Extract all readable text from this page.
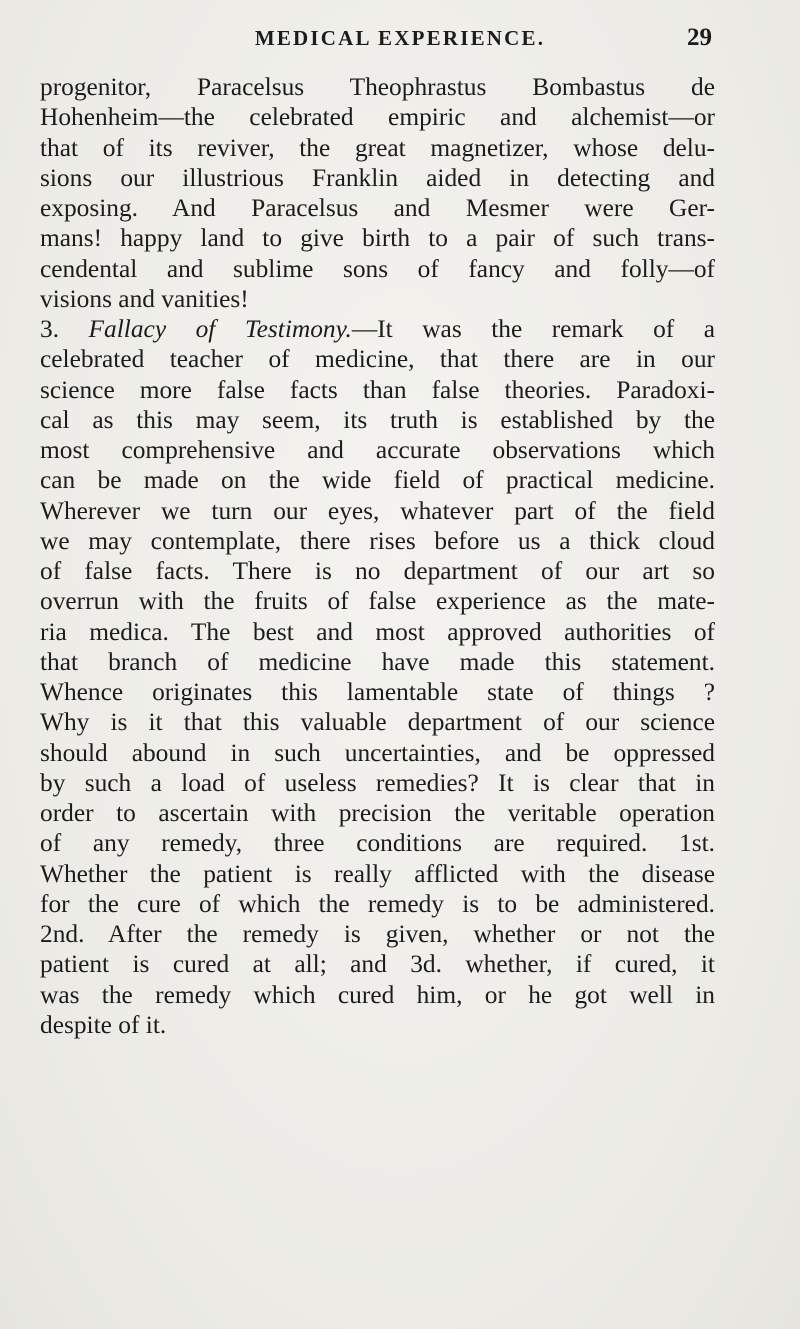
MEDICAL EXPERIENCE.	29
progenitor, Paracelsus Theophrastus Bombastus de
Hohenheim—the celebrated empiric and alchemist—or
that of its reviver, the great magnetizer, whose delu-
sions our illustrious Franklin aided in detecting and
exposing. And Paracelsus and Mesmer were Ger-
mans! happy land to give birth to a pair of such trans-
cendental and sublime sons of fancy and folly—of
visions and vanities!
3. Fallacy of Testimony.—It was the remark of a
celebrated teacher of medicine, that there are in our
science more false facts than false theories. Paradoxi-
cal as this may seem, its truth is established by the
most comprehensive and accurate observations which
can be made on the wide field of practical medicine.
Wherever we turn our eyes, whatever part of the field
we may contemplate, there rises before us a thick cloud
of false facts. There is no department of our art so
overrun with the fruits of false experience as the mate-
ria medica. The best and most approved authorities of
that branch of medicine have made this statement.
Whence originates this lamentable state of things ?
Why is it that this valuable department of our science
should abound in such uncertainties, and be oppressed
by such a load of useless remedies? It is clear that in
order to ascertain with precision the veritable operation
of any remedy, three conditions are required. 1st.
Whether the patient is really afflicted with the disease
for the cure of which the remedy is to be administered.
2nd. After the remedy is given, whether or not the
patient is cured at all; and 3d. whether, if cured, it
was the remedy which cured him, or he got well in
despite of it.
